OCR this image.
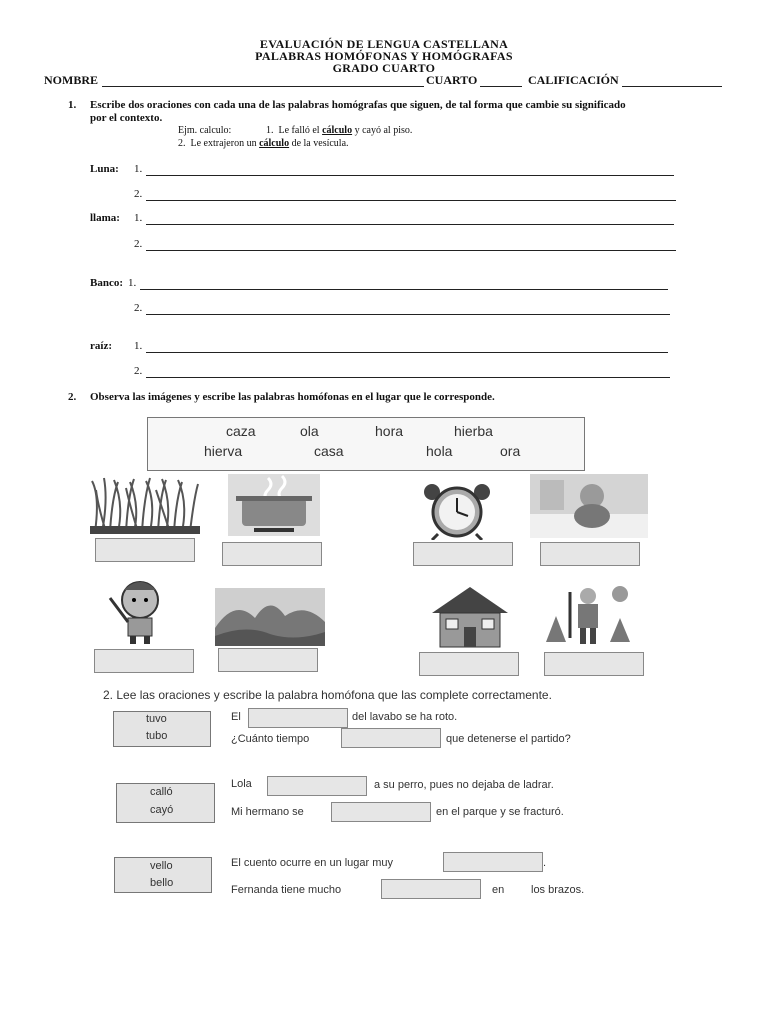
EVALUACIÓN DE LENGUA CASTELLANA
PALABRAS HOMÓFONAS Y HOMÓGRAFAS
GRADO CUARTO
NOMBRE	CUARTO	CALIFICACIÓN
1. Escribe dos oraciones con cada una de las palabras homógrafas que siguen, de tal forma que cambie su significado
por el contexto.
Ejm. calculo:	1. Le falló el cálculo y cayó al piso.
2. Le extrajeron un cálculo de la vesícula.
Luna: 1.
2.
llama: 1.
2.
Banco: 1.
2.
raíz: 1.
2.
2. Observa las imágenes y escribe las palabras homófonas en el lugar que le corresponde.
caza	ola	hora	hierba
hierva	casa	hola	ora
2. Lee las oraciones y escribe la palabra homófona que las complete correctamente.
tuvo
tubo
El	del lavabo se ha roto.
¿Cuánto tiempo	que detenerse el partido?
calló
cayó
Lola	a su perro, pues no dejaba de ladrar.
Mi hermano se	en el parque y se fracturó.
vello
bello
El cuento ocurre en un lugar muy	.
Fernanda tiene mucho	en los brazos.
